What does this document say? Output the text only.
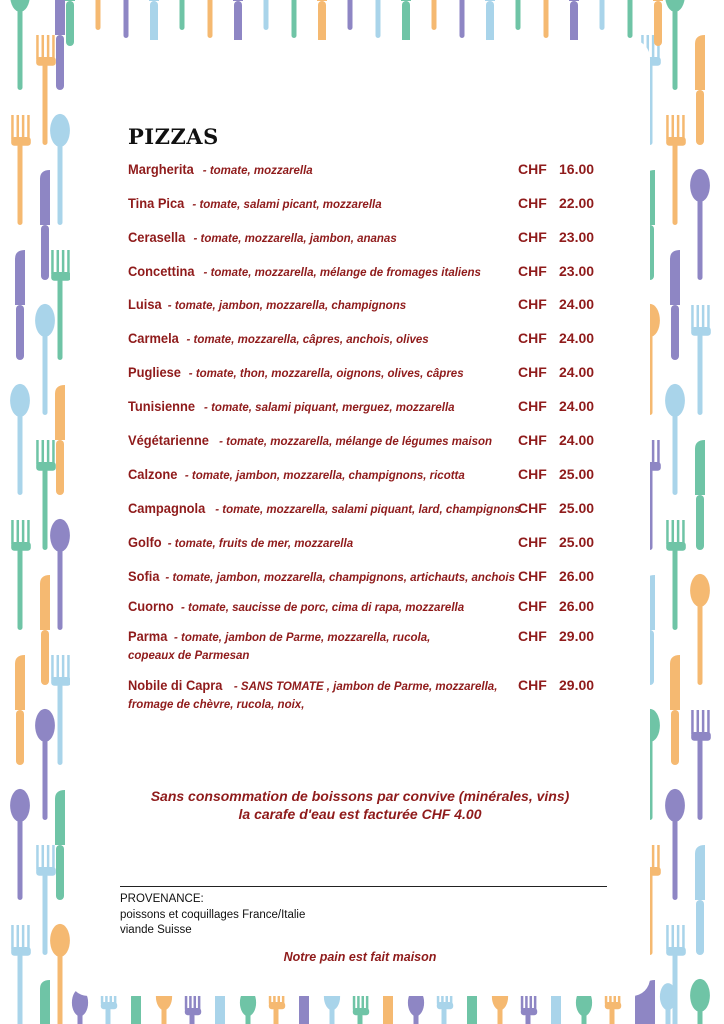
PIZZAS
Margherita - tomate, mozzarella	CHF 16.00
Tina Pica - tomate, salami picant, mozzarella	CHF 22.00
Cerasella - tomate, mozzarella, jambon, ananas	CHF 23.00
Concettina - tomate, mozzarella, mélange de fromages italiens	CHF 23.00
Luisa - tomate, jambon, mozzarella, champignons	CHF 24.00
Carmela - tomate, mozzarella, câpres, anchois, olives	CHF 24.00
Pugliese - tomate, thon, mozzarella, oignons, olives, câpres	CHF 24.00
Tunisienne - tomate, salami piquant, merguez, mozzarella	CHF 24.00
Végétarienne - tomate, mozzarella, mélange de légumes maison	CHF 24.00
Calzone - tomate, jambon, mozzarella, champignons, ricotta	CHF 25.00
Campagnola - tomate, mozzarella, salami piquant, lard, champignons
CHF 25.00
Golfo - tomate, fruits de mer, mozzarella	CHF 25.00
Sofia - tomate, jambon, mozzarella, champignons, artichauts, anchois CHF 26.00
Cuorno - tomate, saucisse de porc, cima di rapa, mozzarella	CHF 26.00
Parma - tomate, jambon de Parme, mozzarella, rucola,
copeaux de Parmesan
CHF 29.00
Nobile di Capra - SANS TOMATE , jambon de Parme, mozzarella,
fromage de chèvre, rucola, noix,
CHF 29.00
Sans consommation de boissons par convive (minérales, vins)
la carafe d'eau est facturée CHF 4.00
PROVENANCE:
poissons et coquillages France/Italie
viande Suisse
Notre pain est fait maison
